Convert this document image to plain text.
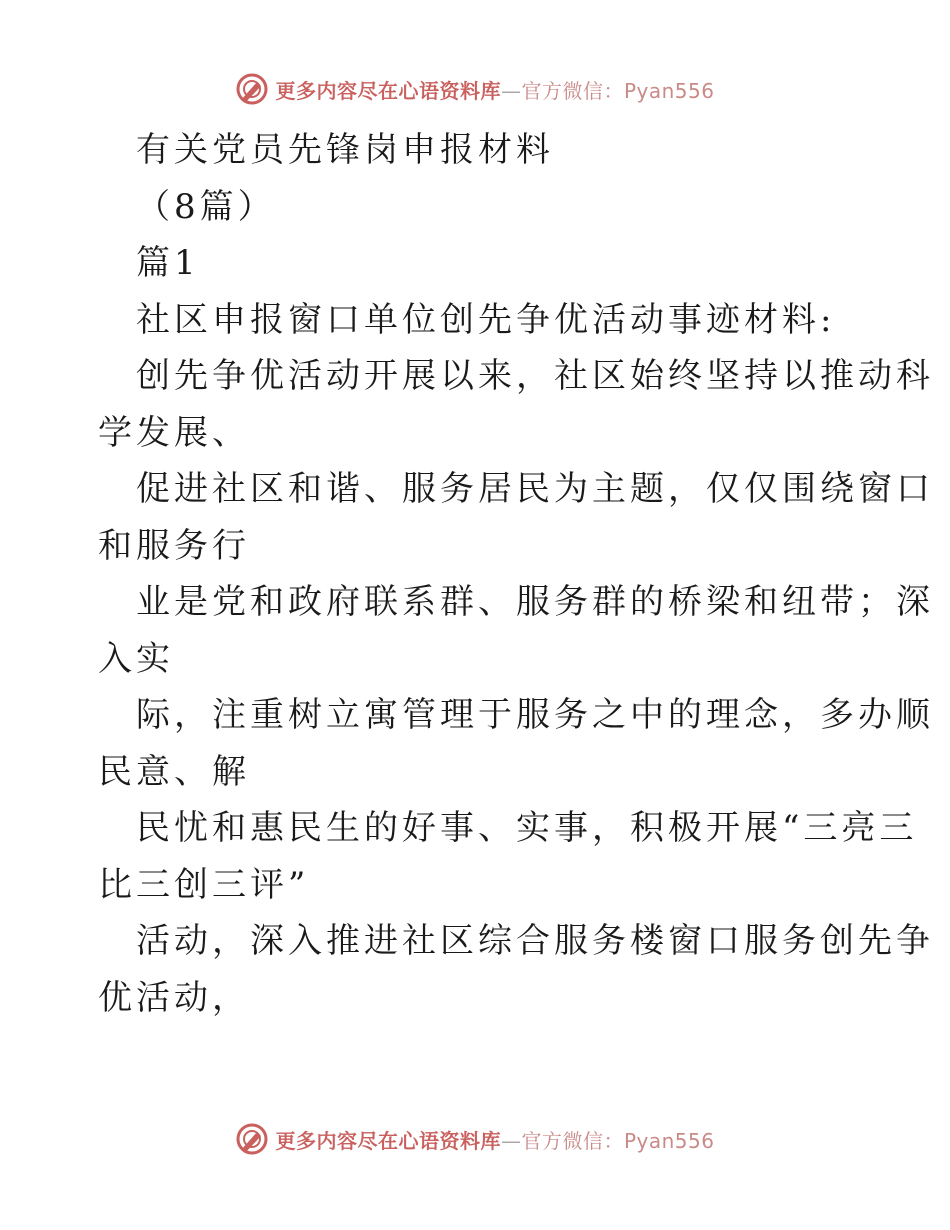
更多内容尽在心语资料库—官方微信：Pyan556
有关党员先锋岗申报材料
（8篇）
篇1
社区申报窗口单位创先争优活动事迹材料:
创先争优活动开展以来，社区始终坚持以推动科
学发展、
促进社区和谐、服务居民为主题，仅仅围绕窗口
和服务行
业是党和政府联系群、服务群的桥梁和纽带；深
入实
际，注重树立寓管理于服务之中的理念，多办顺
民意、解
民忧和惠民生的好事、实事，积极开展“三亮三
比三创三评”
活动，深入推进社区综合服务楼窗口服务创先争
优活动，
更多内容尽在心语资料库—官方微信：Pyan556
